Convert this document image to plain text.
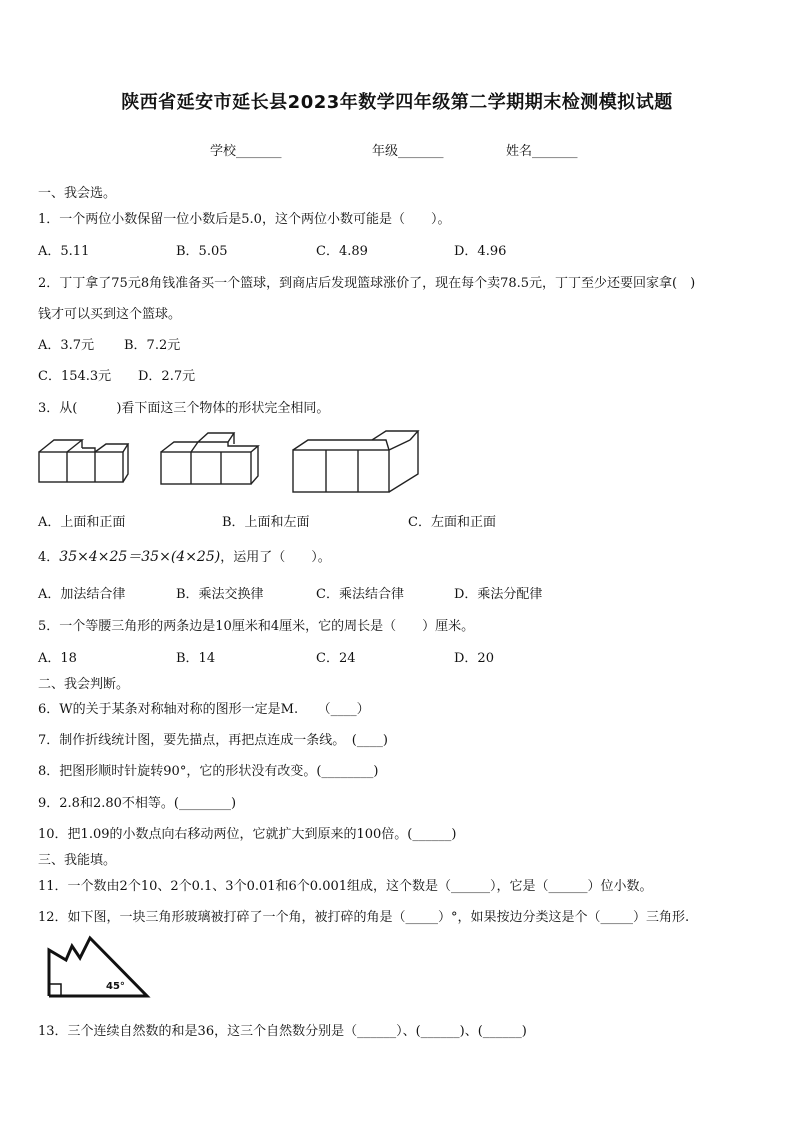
陕西省延安市延长县2023年数学四年级第二学期期末检测模拟试题
学校_______	年级_______	姓名_______
一、我会选。
1．一个两位小数保留一位小数后是5.0，这个两位小数可能是（　　）。
A．5.11	B．5.05	C．4.89	D．4.96
2．丁丁拿了75元8角钱准备买一个篮球，到商店后发现篮球涨价了，现在每个卖78.5元，丁丁至少还要回家拿(　)
钱才可以买到这个篮球。
A．3.7元 B．7.2元
C．154.3元 D．2.7元
3．从(　　　)看下面这三个物体的形状完全相同。
A．上面和正面	B．上面和左面	C．左面和正面
4．35×4×25＝35×(4×25)，运用了（　　）。
A．加法结合律	B．乘法交换律	C．乘法结合律	D．乘法分配律
5．一个等腰三角形的两条边是10厘米和4厘米，它的周长是（　　）厘米。
A．18	B．14	C．24	D．20
二、我会判断。
6．W的关于某条对称轴对称的图形一定是M.　　（____）
7．制作折线统计图，要先描点，再把点连成一条线。　(____)
8．把图形顺时针旋转90°，它的形状没有改变。(________)
9．2.8和2.80不相等。(________)
10．把1.09的小数点向右移动两位，它就扩大到原来的100倍。(______)
三、我能填。
11．一个数由2个10、2个0.1、3个0.01和6个0.001组成，这个数是（______），它是（______）位小数。
12．如下图，一块三角形玻璃被打碎了一个角，被打碎的角是（_____）°，如果按边分类这是个（_____）三角形.
45°
13．三个连续自然数的和是36，这三个自然数分别是（______）、(______)、(______)
